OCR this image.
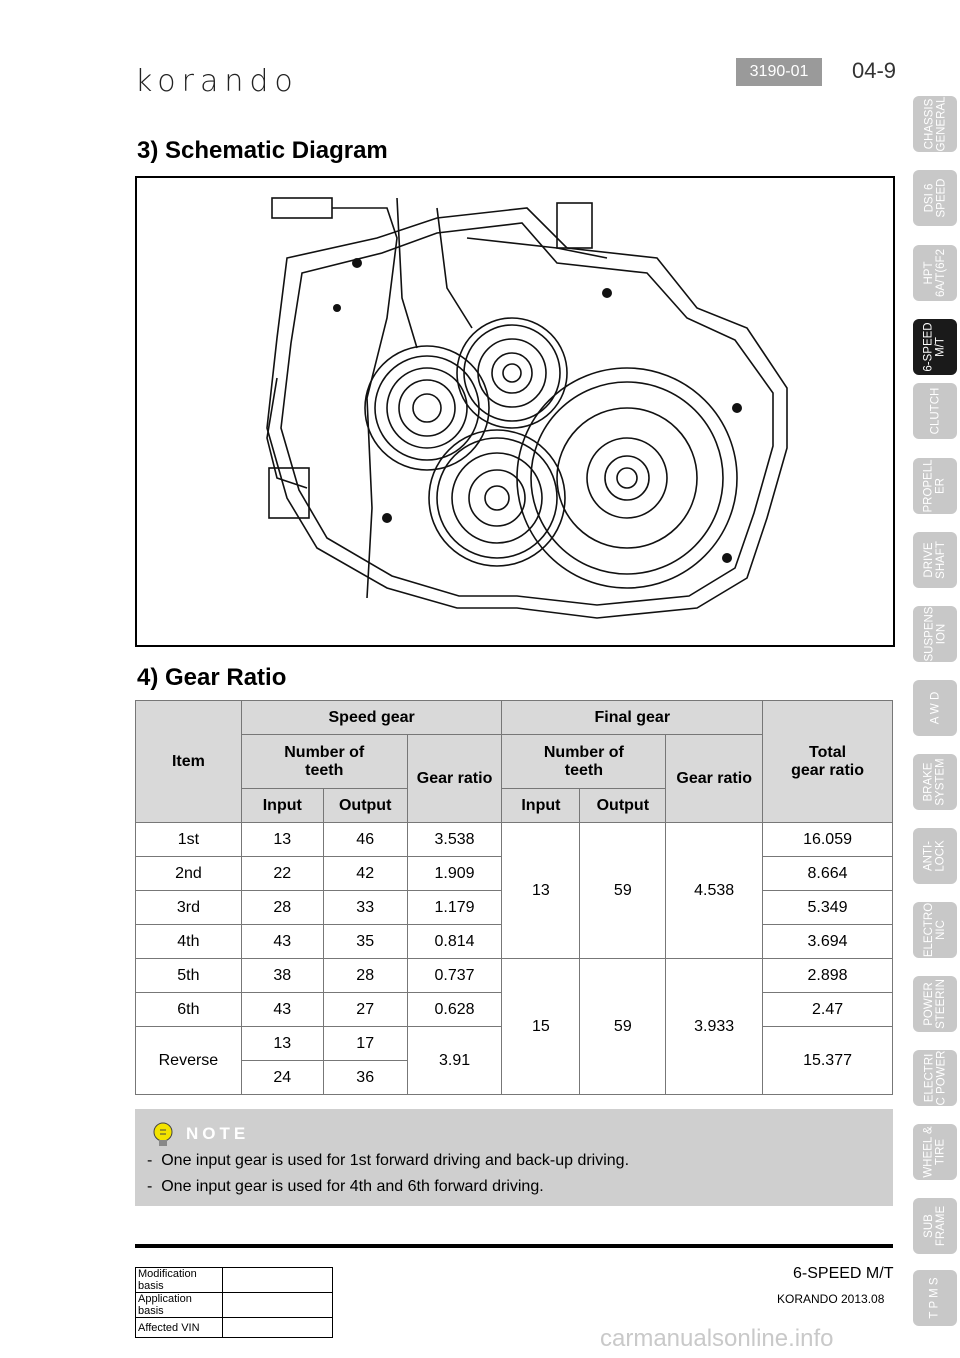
korando	3190-01	04-9
3) Schematic Diagram
4) Gear Ratio
Item	Speed gear			Final gear			Total gear ratio
	Number of teeth		Gear ratio	Number of teeth		Gear ratio	
	Input	Output		Input	Output		
1st	13	46	3.538	13	59	4.538	16.059
2nd	22	42	1.909				8.664
3rd	28	33	1.179				5.349
4th	43	35	0.814				3.694
5th	38	28	0.737	15	59	3.933	2.898
6th	43	27	0.628				2.47
Reverse	13	17	3.91				15.377
	24	36					
NOTE
-  One input gear is used for 1st forward driving and back-up driving.
-  One input gear is used for 4th and 6th forward driving.
CHASSIS
GENERAL
DSI 6
SPEED
HPT
6A/T(6F2
6-SPEED
M/T
CLUTCH
PROPELL
ER
DRIVE
SHAFT
SUSPENS
ION
A W D
BRAKE
SYSTEM
ANTI-
LOCK
ELECTRO
NIC
POWER
STEERIN
ELECTRI
C POWER
WHEEL &
TIRE
SUB
FRAME
T P M S
Modification basis	
Application basis	
Affected VIN	
6-SPEED M/T
KORANDO 2013.08
carmanualsonline.info
